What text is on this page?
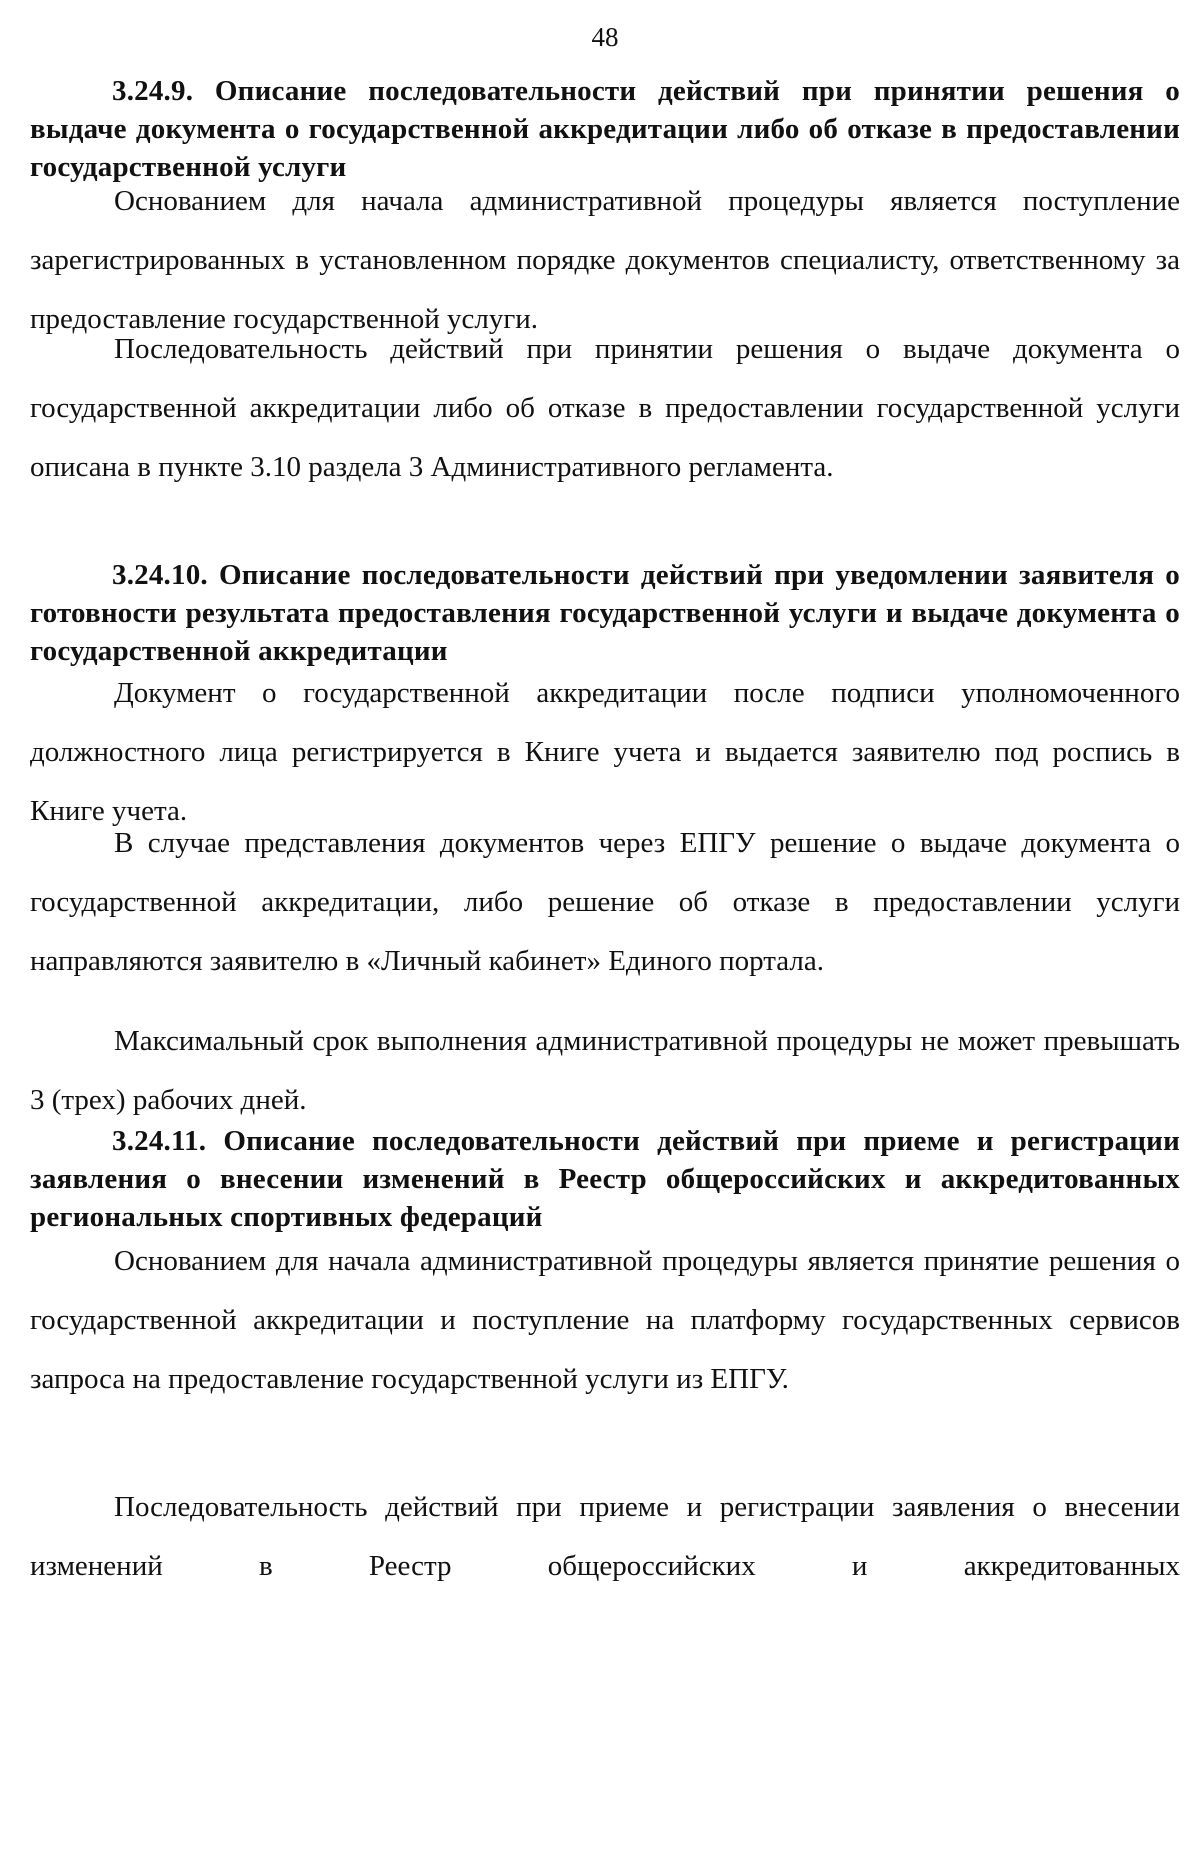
48
3.24.9. Описание последовательности действий при принятии решения о выдаче документа о государственной аккредитации либо об отказе в предоставлении государственной услуги
Основанием для начала административной процедуры является поступление зарегистрированных в установленном порядке документов специалисту, ответственному за предоставление государственной услуги.
Последовательность действий при принятии решения о выдаче документа о государственной аккредитации либо об отказе в предоставлении государственной услуги описана в пункте 3.10 раздела 3 Административного регламента.
3.24.10. Описание последовательности действий при уведомлении заявителя о готовности результата предоставления государственной услуги и выдаче документа о государственной аккредитации
Документ о государственной аккредитации после подписи уполномоченного должностного лица регистрируется в Книге учета и выдается заявителю под роспись в Книге учета.
В случае представления документов через ЕПГУ решение о выдаче документа о государственной аккредитации, либо решение об отказе в предоставлении услуги направляются заявителю в «Личный кабинет» Единого портала.
Максимальный срок выполнения административной процедуры не может превышать 3 (трех) рабочих дней.
3.24.11. Описание последовательности действий при приеме и регистрации заявления о внесении изменений в Реестр общероссийских и аккредитованных региональных спортивных федераций
Основанием для начала административной процедуры является принятие решения о государственной аккредитации и поступление на платформу государственных сервисов запроса на предоставление государственной услуги из ЕПГУ.
Последовательность действий при приеме и регистрации заявления о внесении изменений в Реестр общероссийских и аккредитованных
